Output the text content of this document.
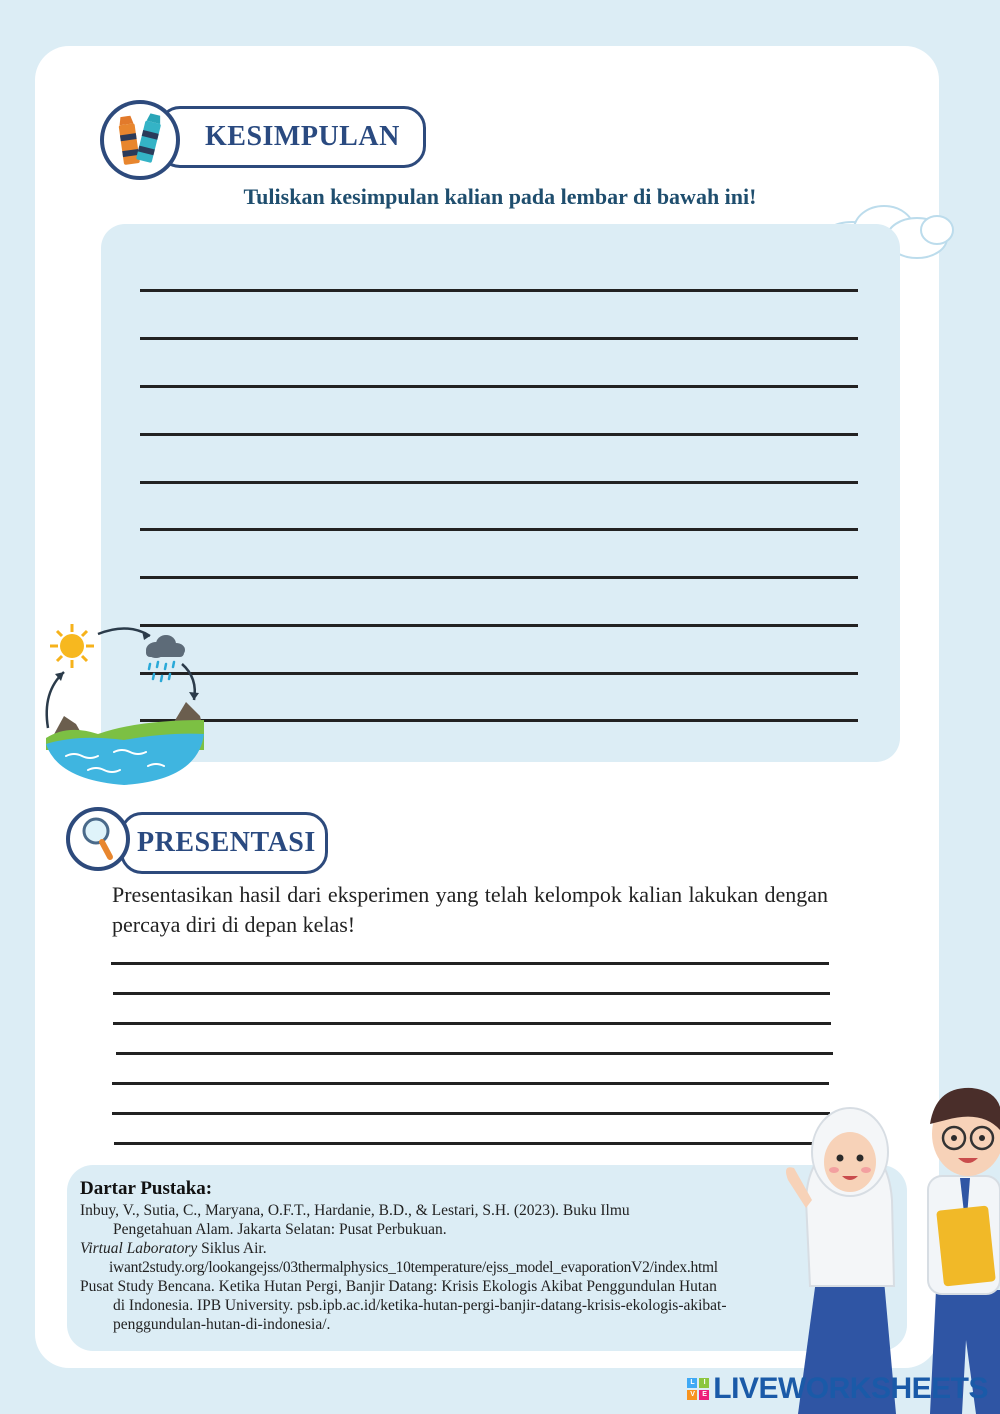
KESIMPULAN
Tuliskan kesimpulan kalian pada lembar di bawah ini!
PRESENTASI
Presentasikan hasil dari eksperimen yang telah kelompok kalian lakukan dengan percaya diri di depan kelas!
Dartar Pustaka:
Inbuy, V., Sutia, C., Maryana, O.F.T., Hardanie, B.D., & Lestari, S.H. (2023). Buku Ilmu
Pengetahuan Alam. Jakarta Selatan: Pusat Perbukuan.
Virtual Laboratory Siklus Air.
iwant2study.org/lookangejss/03thermalphysics_10temperature/ejss_model_evaporationV2/index.html
Pusat Study Bencana. Ketika Hutan Pergi, Banjir Datang: Krisis Ekologis Akibat Penggundulan Hutan
di Indonesia. IPB University. psb.ipb.ac.id/ketika-hutan-pergi-banjir-datang-krisis-ekologis-akibat-
penggundulan-hutan-di-indonesia/.
L	I
V	E LIVEWORKSHEETS
